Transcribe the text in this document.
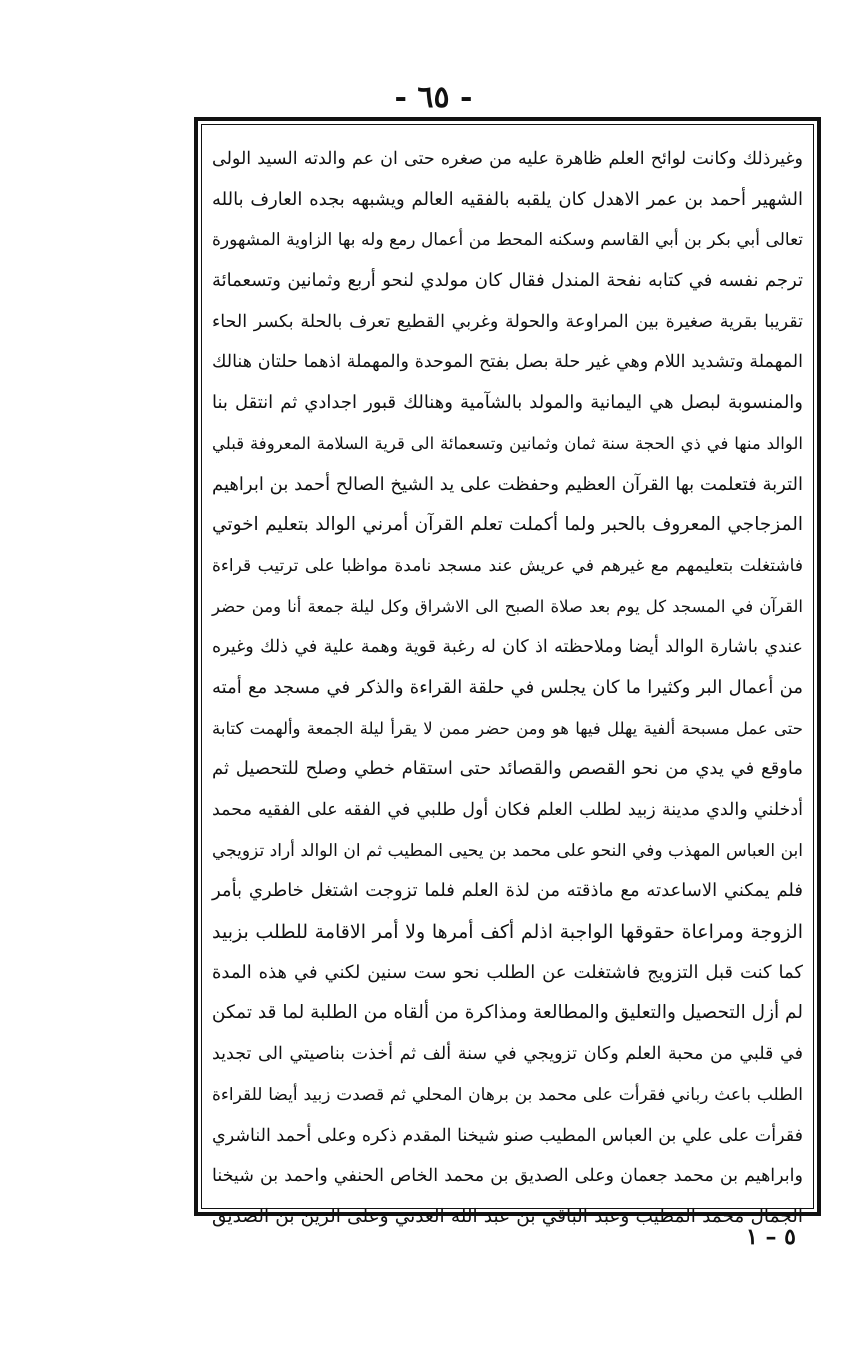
- ٦٥ -
وغيرذلك وكانت لوائح العلم ظاهرة عليه من صغره حتى ان عم والدته السيد الولى
الشهير أحمد بن عمر الاهدل كان يلقبه بالفقيه العالم ويشبهه بجده العارف بالله
تعالى أبي بكر بن أبي القاسم وسكنه المحط من أعمال رمع وله بها الزاوية المشهورة
ترجم نفسه في كتابه نفحة المندل فقال كان مولدي لنحو أربع وثمانين وتسعمائة
تقريبا بقرية صغيرة بين المراوعة والحولة وغربي القطيع تعرف بالحلة بكسر الحاء
المهملة وتشديد اللام وهي غير حلة بصل بفتح الموحدة والمهملة اذهما حلتان هنالك
والمنسوبة لبصل هي اليمانية والمولد بالشآمية وهنالك قبور اجدادي ثم انتقل بنا
الوالد منها في ذي الحجة سنة ثمان وثمانين وتسعمائة الى قرية السلامة المعروفة قبلي
التربة فتعلمت بها القرآن العظيم وحفظت على يد الشيخ الصالح أحمد بن ابراهيم
المزجاجي المعروف بالحبر ولما أكملت تعلم القرآن أمرني الوالد بتعليم اخوتي
فاشتغلت بتعليمهم مع غيرهم في عريش عند مسجد نامدة مواظبا على ترتيب قراءة
القرآن في المسجد كل يوم بعد صلاة الصبح الى الاشراق وكل ليلة جمعة أنا ومن حضر
عندي باشارة الوالد أيضا وملاحظته اذ كان له رغبة قوية وهمة علية في ذلك وغيره
من أعمال البر وكثيرا ما كان يجلس في حلقة القراءة والذكر في مسجد مع أمته
حتى عمل مسبحة ألفية يهلل فيها هو ومن حضر ممن لا يقرأ ليلة الجمعة وألهمت كتابة
ماوقع في يدي من نحو القصص والقصائد حتى استقام خطي وصلح للتحصيل ثم
أدخلني والدي مدينة زبيد لطلب العلم فكان أول طلبي في الفقه على الفقيه محمد
ابن العباس المهذب وفي النحو على محمد بن يحيى المطيب ثم ان الوالد أراد تزويجي
فلم يمكني الاساعدته مع ماذقته من لذة العلم فلما تزوجت اشتغل خاطري بأمر
الزوجة ومراعاة حقوقها الواجبة اذلم أكف أمرها ولا أمر الاقامة للطلب بزبيد
كما كنت قبل التزويج فاشتغلت عن الطلب نحو ست سنين لكني في هذه المدة
لم أزل التحصيل والتعليق والمطالعة ومذاكرة من ألقاه من الطلبة لما قد تمكن
في قلبي من محبة العلم وكان تزويجي في سنة ألف ثم أخذت بناصيتي الى تجديد
الطلب باعث رباني فقرأت على محمد بن برهان المحلي ثم قصدت زبيد أيضا للقراءة
فقرأت على علي بن العباس المطيب صنو شيخنا المقدم ذكره وعلى أحمد الناشري
وابراهيم بن محمد جعمان وعلى الصديق بن محمد الخاص الحنفي واحمد بن شيخنا
الجمال محمد المطيب وعبد الباقي بن عبد الله العدني وعلى الزين بن الصديق
٥ – ١
